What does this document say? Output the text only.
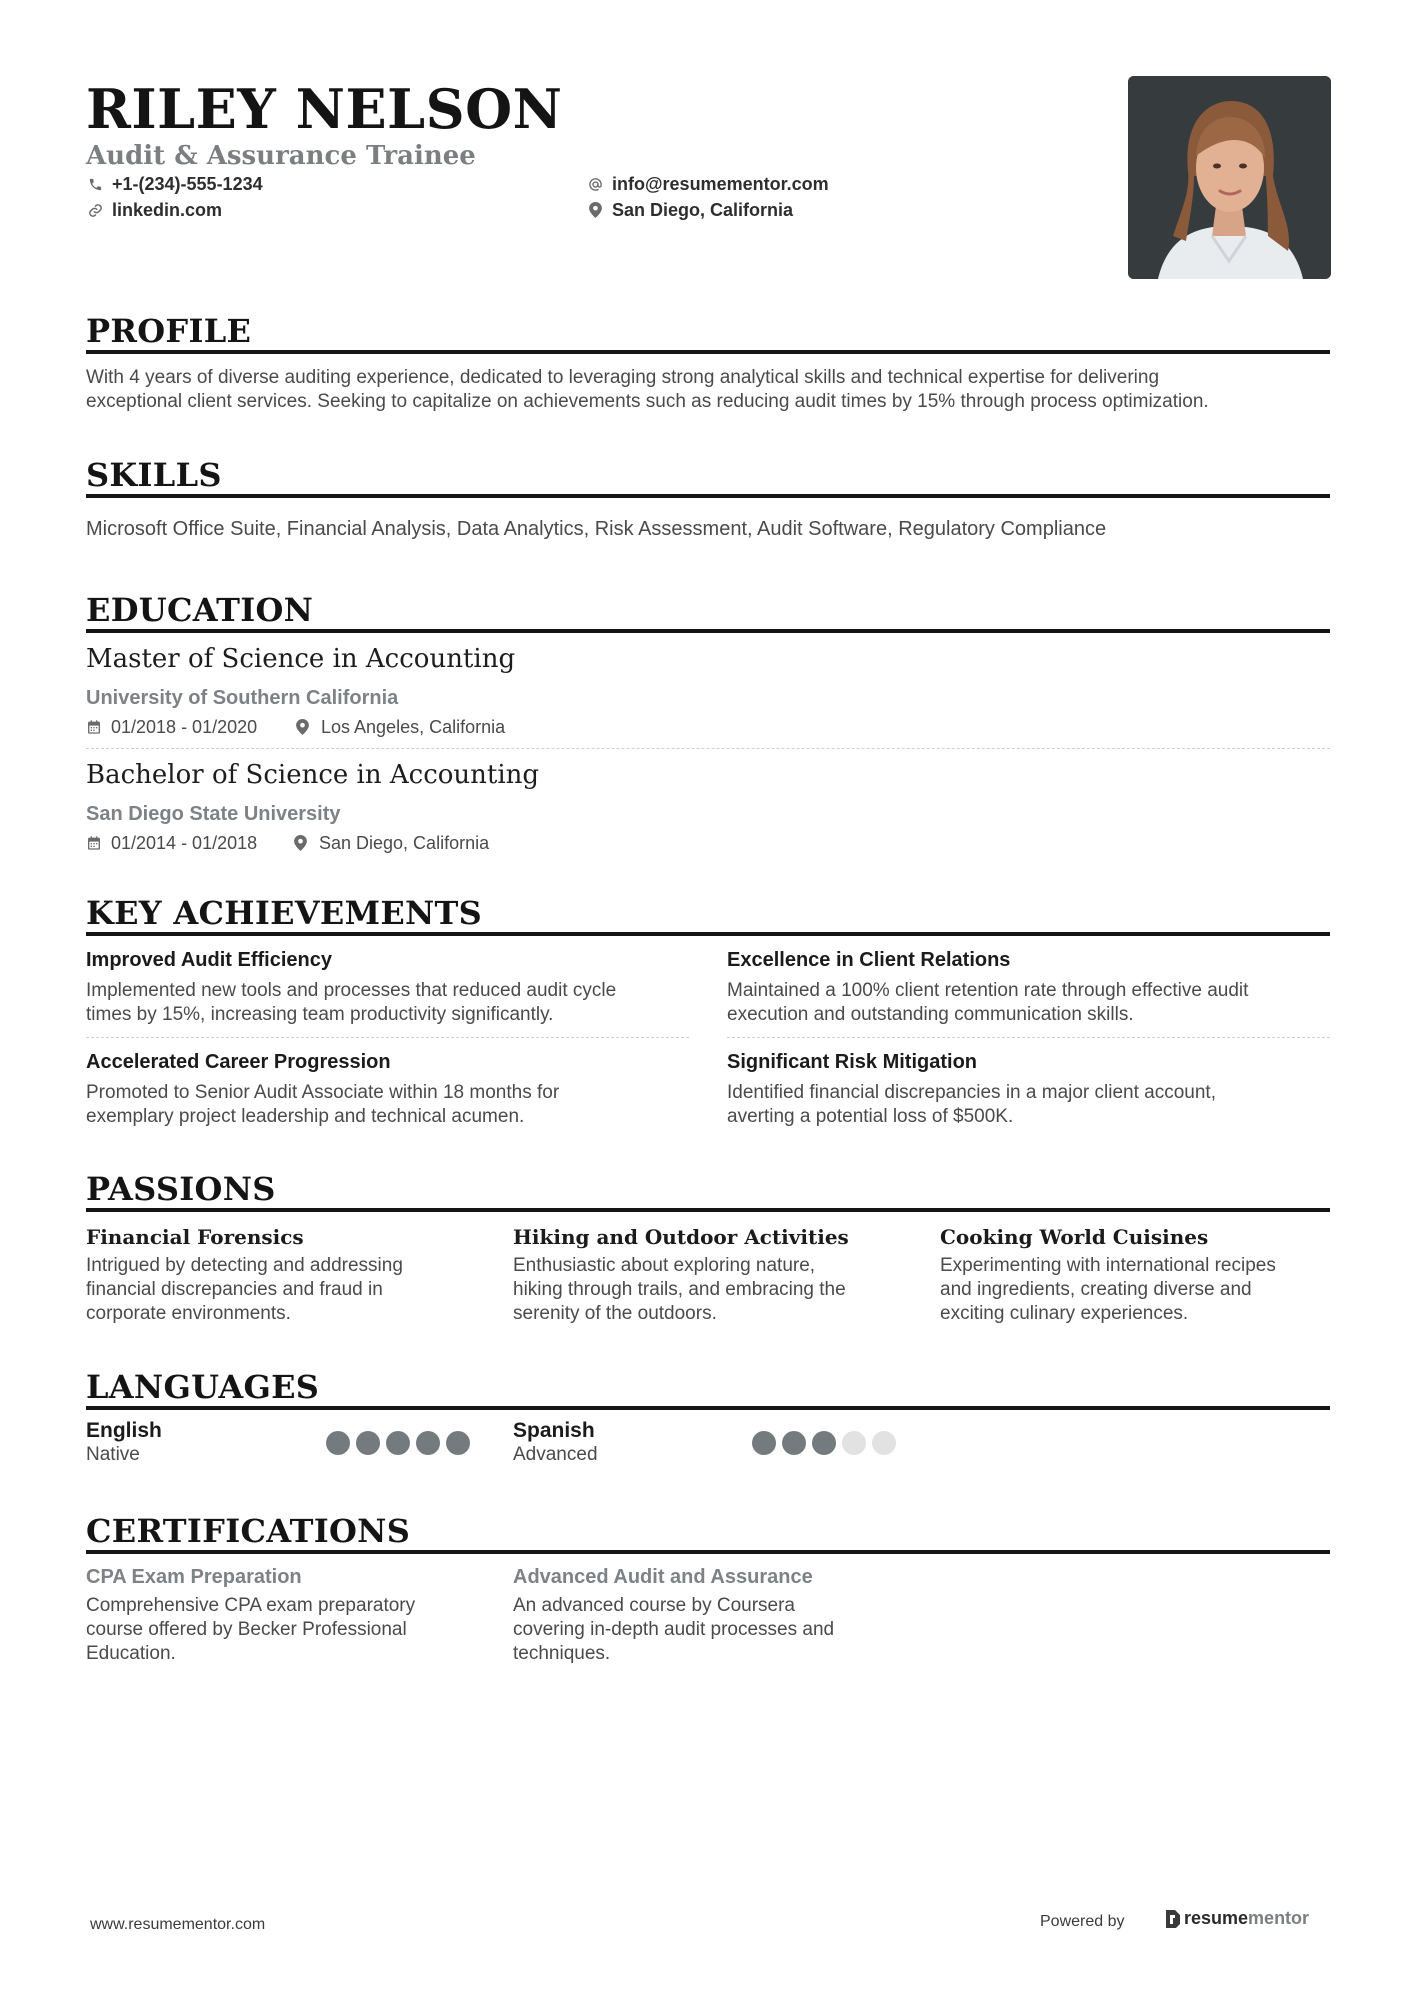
RILEY NELSON
Audit & Assurance Trainee
+1-(234)-555-1234
linkedin.com
info@resumementor.com
San Diego, California
PROFILE
With 4 years of diverse auditing experience, dedicated to leveraging strong analytical skills and technical expertise for delivering
exceptional client services. Seeking to capitalize on achievements such as reducing audit times by 15% through process optimization.
SKILLS
Microsoft Office Suite, Financial Analysis, Data Analytics, Risk Assessment, Audit Software, Regulatory Compliance
EDUCATION
Master of Science in Accounting
University of Southern California
01/2018 - 01/2020	Los Angeles, California
Bachelor of Science in Accounting
San Diego State University
01/2014 - 01/2018	San Diego, California
KEY ACHIEVEMENTS
Improved Audit Efficiency
Implemented new tools and processes that reduced audit cycle
times by 15%, increasing team productivity significantly.
Excellence in Client Relations
Maintained a 100% client retention rate through effective audit
execution and outstanding communication skills.
Accelerated Career Progression
Promoted to Senior Audit Associate within 18 months for
exemplary project leadership and technical acumen.
Significant Risk Mitigation
Identified financial discrepancies in a major client account,
averting a potential loss of $500K.
PASSIONS
Financial Forensics
Intrigued by detecting and addressing
financial discrepancies and fraud in
corporate environments.
Hiking and Outdoor Activities
Enthusiastic about exploring nature,
hiking through trails, and embracing the
serenity of the outdoors.
Cooking World Cuisines
Experimenting with international recipes
and ingredients, creating diverse and
exciting culinary experiences.
LANGUAGES
English
Native
Spanish
Advanced
CERTIFICATIONS
CPA Exam Preparation
Comprehensive CPA exam preparatory
course offered by Becker Professional
Education.
Advanced Audit and Assurance
An advanced course by Coursera
covering in-depth audit processes and
techniques.
www.resumementor.com	Powered by	resume mentor
